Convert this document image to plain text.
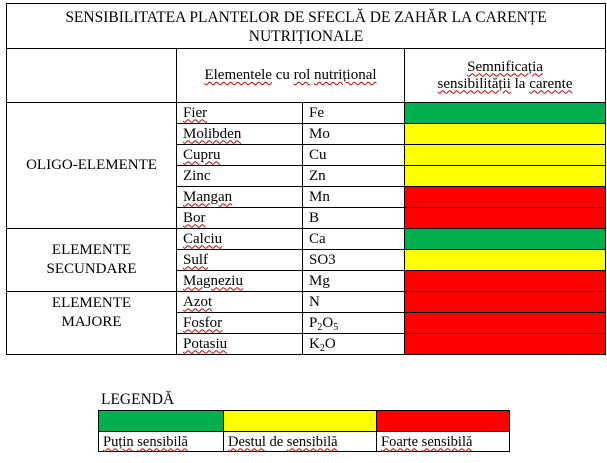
SENSIBILITATEA PLANTELOR DE SFECLĂ DE ZAHĂR LA CARENȚE NUTRIȚIONALE			
	Elementele cu rol nutrițional		Semnificația
sensibilității la carente
OLIGO-ELEMENTE	Fier	Fe	
	Molibden	Mo	
	Cupru	Cu	
	Zinc	Zn	
	Mangan	Mn	
	Bor	B	
ELEMENTE
SECUNDARE	Calciu	Ca	
	Sulf	SO3	
	Magneziu	Mg	
ELEMENTE
MAJORE	Azot	N	
	Fosfor	$P_2O_5$	
	Potasiu	$K_2O$	
LEGENDĂ

Puțin sensibilă	Destul de sensibilă	Foarte sensibilă
